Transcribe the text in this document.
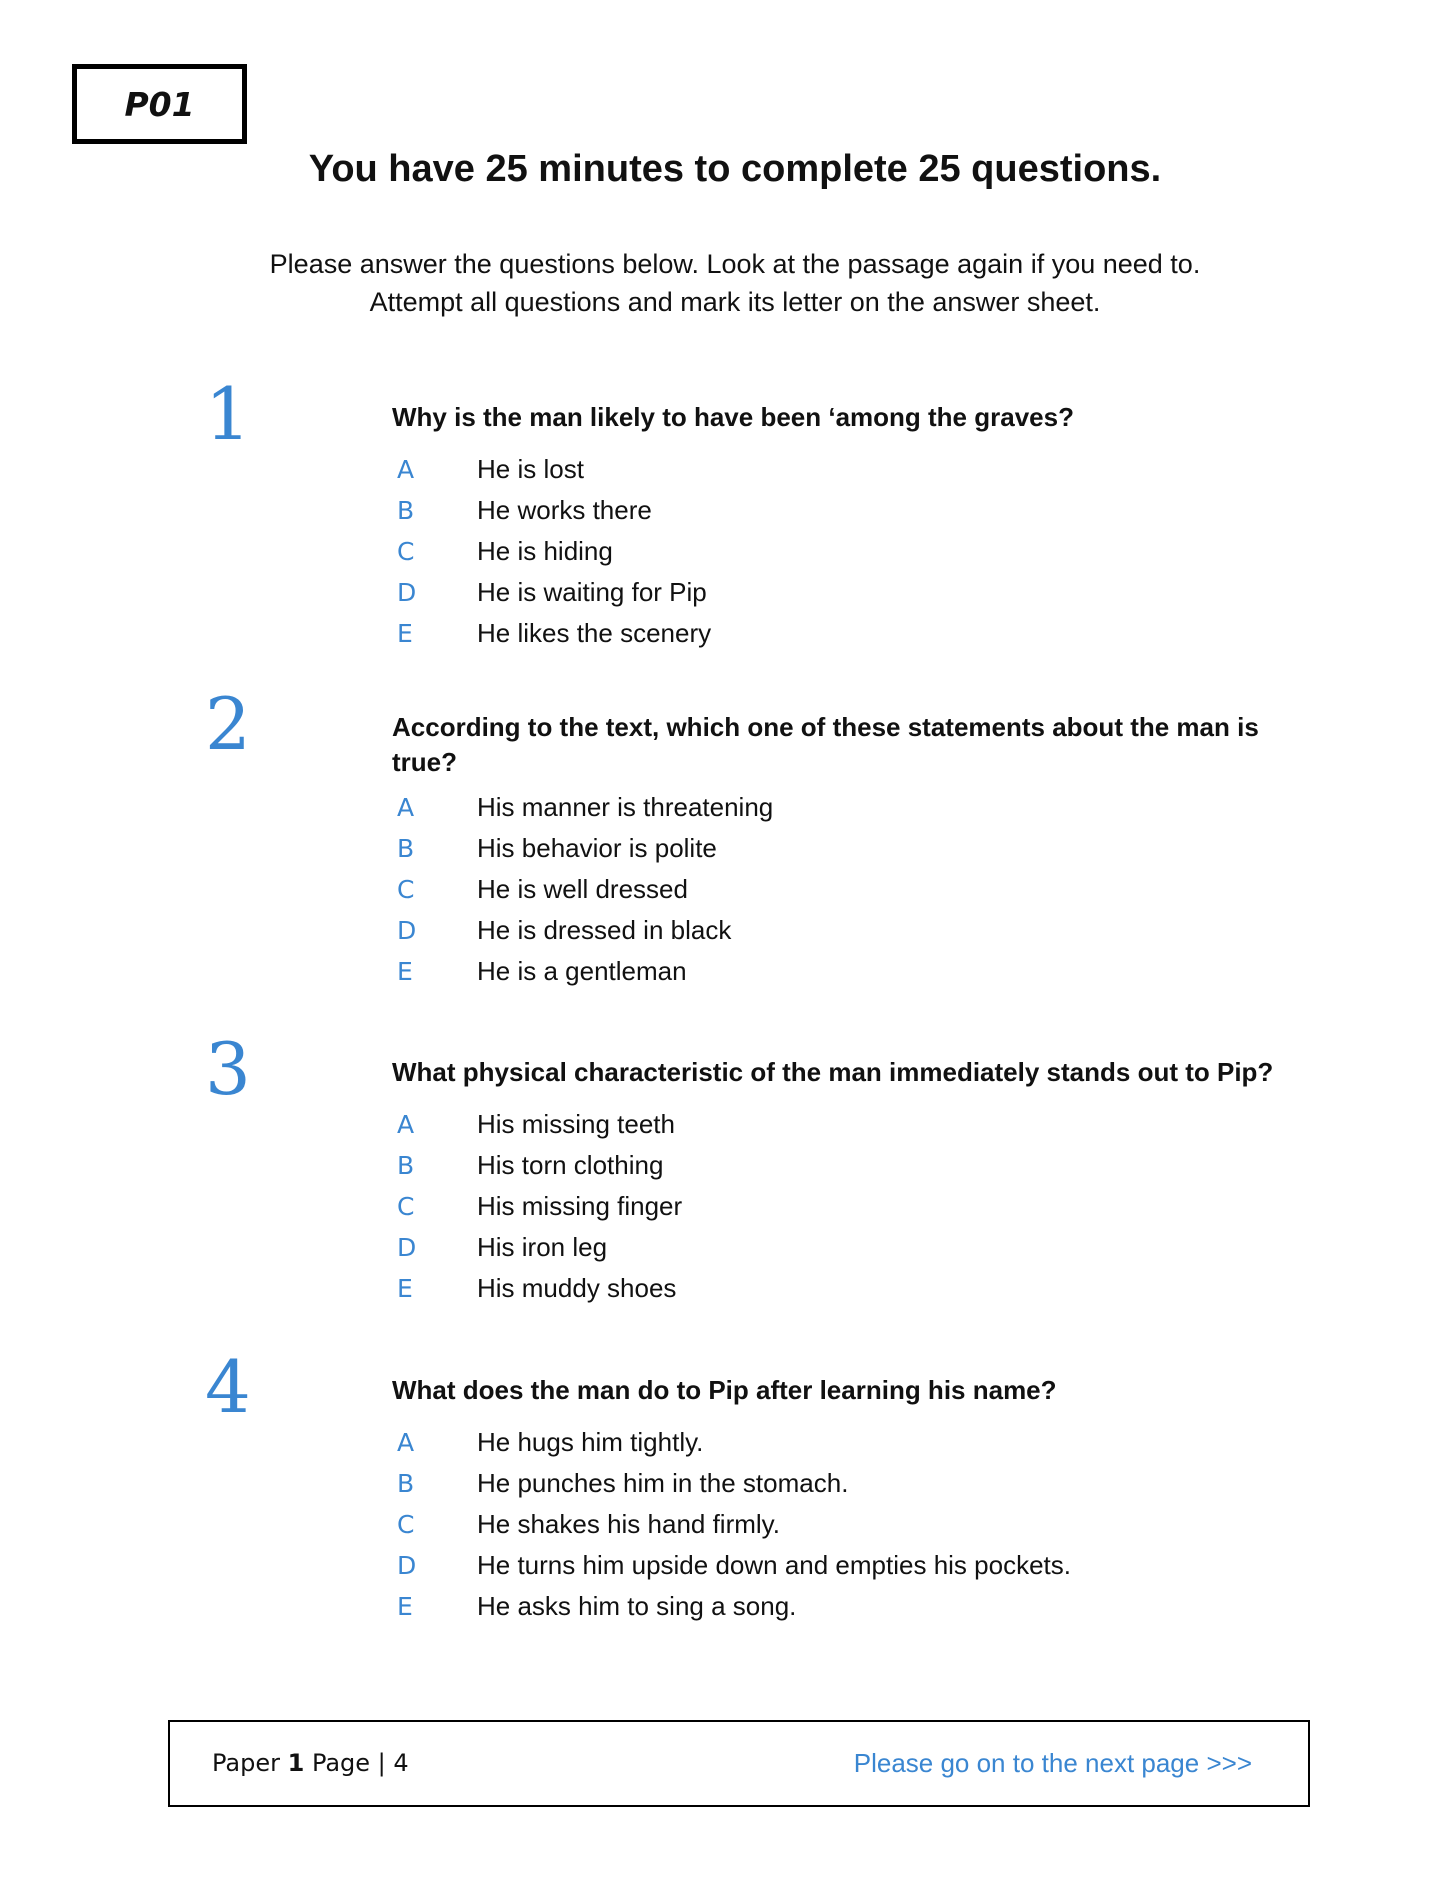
P01
You have 25 minutes to complete 25 questions.
Please answer the questions below. Look at the passage again if you need to.
Attempt all questions and mark its letter on the answer sheet.
1	Why is the man likely to have been ‘among the graves?
A He is lost
B He works there
C He is hiding
D He is waiting for Pip
E He likes the scenery
2	According to the text, which one of these statements about the man is true?
A His manner is threatening
B His behavior is polite
C He is well dressed
D He is dressed in black
E He is a gentleman
3	What physical characteristic of the man immediately stands out to Pip?
A His missing teeth
B His torn clothing
C His missing finger
D His iron leg
E His muddy shoes
4	What does the man do to Pip after learning his name?
A He hugs him tightly.
B He punches him in the stomach.
C He shakes his hand firmly.
D He turns him upside down and empties his pockets.
E He asks him to sing a song.
Paper 1 Page | 4	Please go on to the next page >>>
